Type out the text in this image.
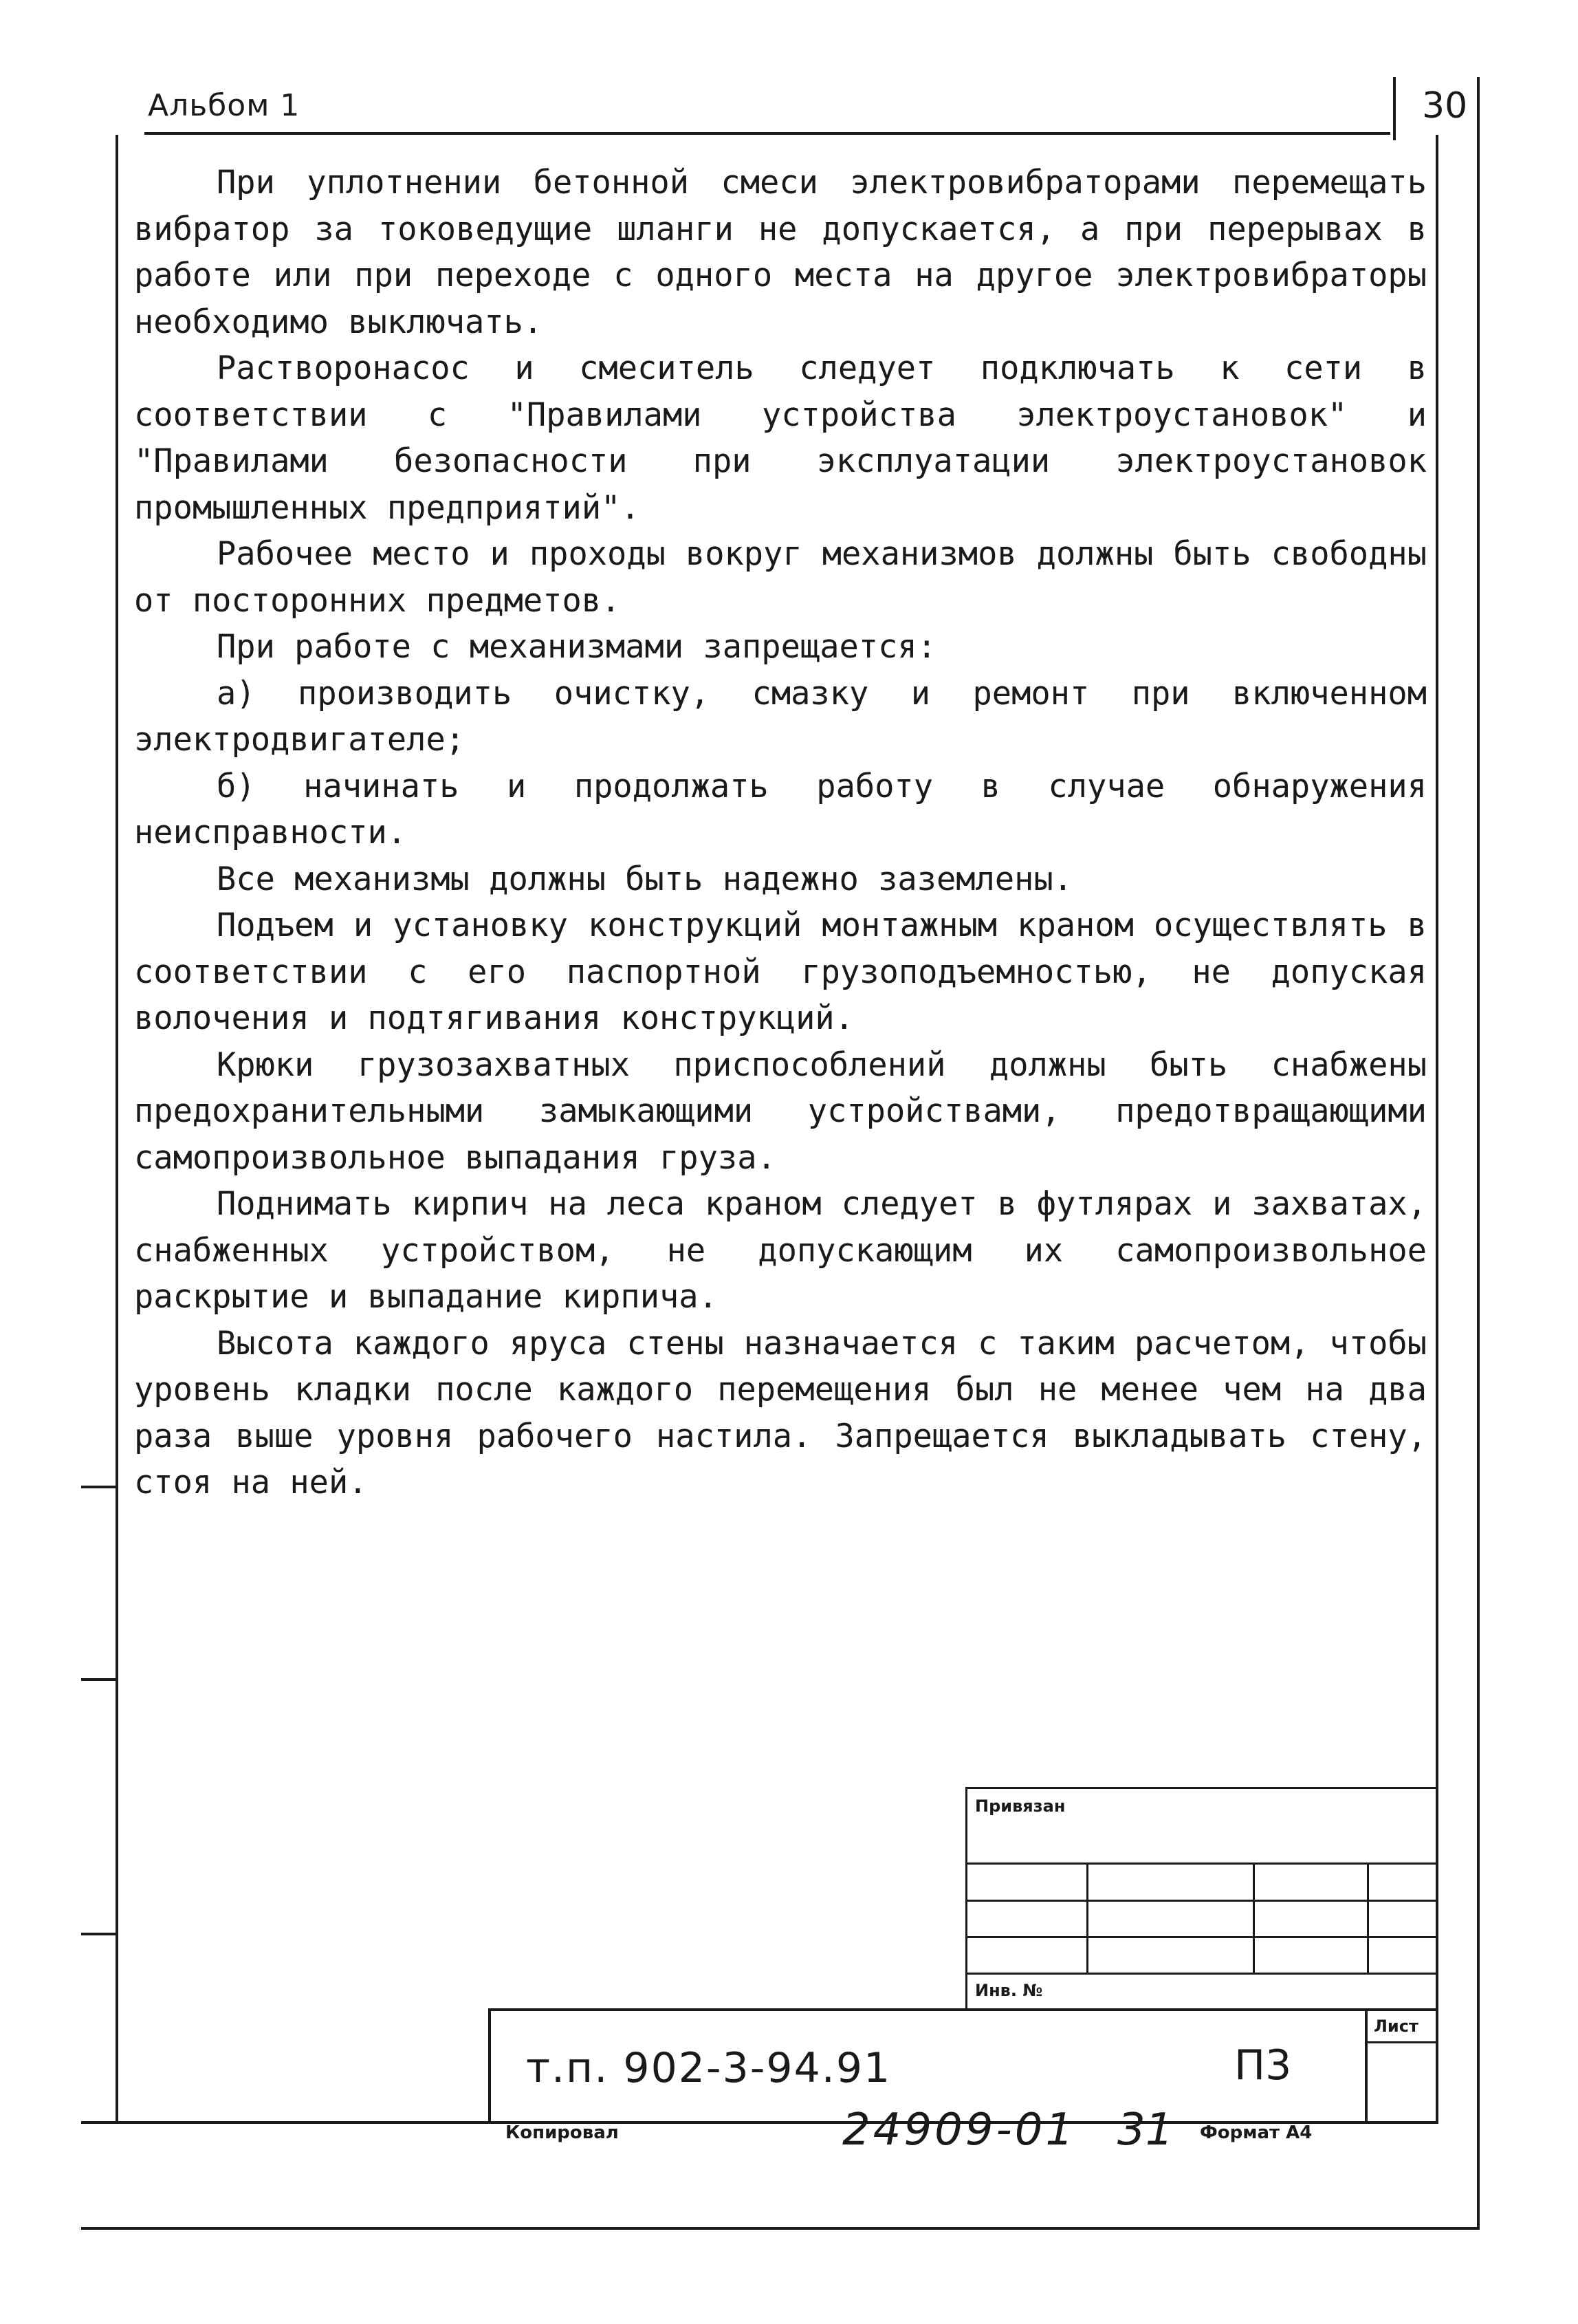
Альбом 1	30

При уплотнении бетонной смеси электровибраторами перемещать вибратор за токоведущие шланги не допускается, а при перерывах в работе или при переходе с одного места на другое электровибраторы необходимо выключать.

Растворонасос и смеситель следует подключать к сети в соответствии с "Правилами устройства электроустановок" и "Правилами безопасности при эксплуатации электроустановок промышленных предприятий".

Рабочее место и проходы вокруг механизмов должны быть свободны от посторонних предметов.

При работе с механизмами запрещается:

а) производить очистку, смазку и ремонт при включенном электродвигателе;

б) начинать и продолжать работу в случае обнаружения неисправности.

Все механизмы должны быть надежно заземлены.

Подъем и установку конструкций монтажным краном осуществлять в соответствии с его паспортной грузоподъемностью, не допуская волочения и подтягивания конструкций.

Крюки грузозахватных приспособлений должны быть снабжены предохранительными замыкающими устройствами, предотвращающими самопроизвольное выпадания груза.

Поднимать кирпич на леса краном следует в футлярах и захватах, снабженных устройством, не допускающим их самопроизвольное раскрытие и выпадание кирпича.

Высота каждого яруса стены назначается с таким расчетом, чтобы уровень кладки после каждого перемещения был не менее чем на два раза выше уровня рабочего настила. Запрещается выкладывать стену, стоя на ней.

Привязан
Инв. №
Лист
т.п. 902-3-94.91	П3
Копировал	24909-01 31 Формат А4
